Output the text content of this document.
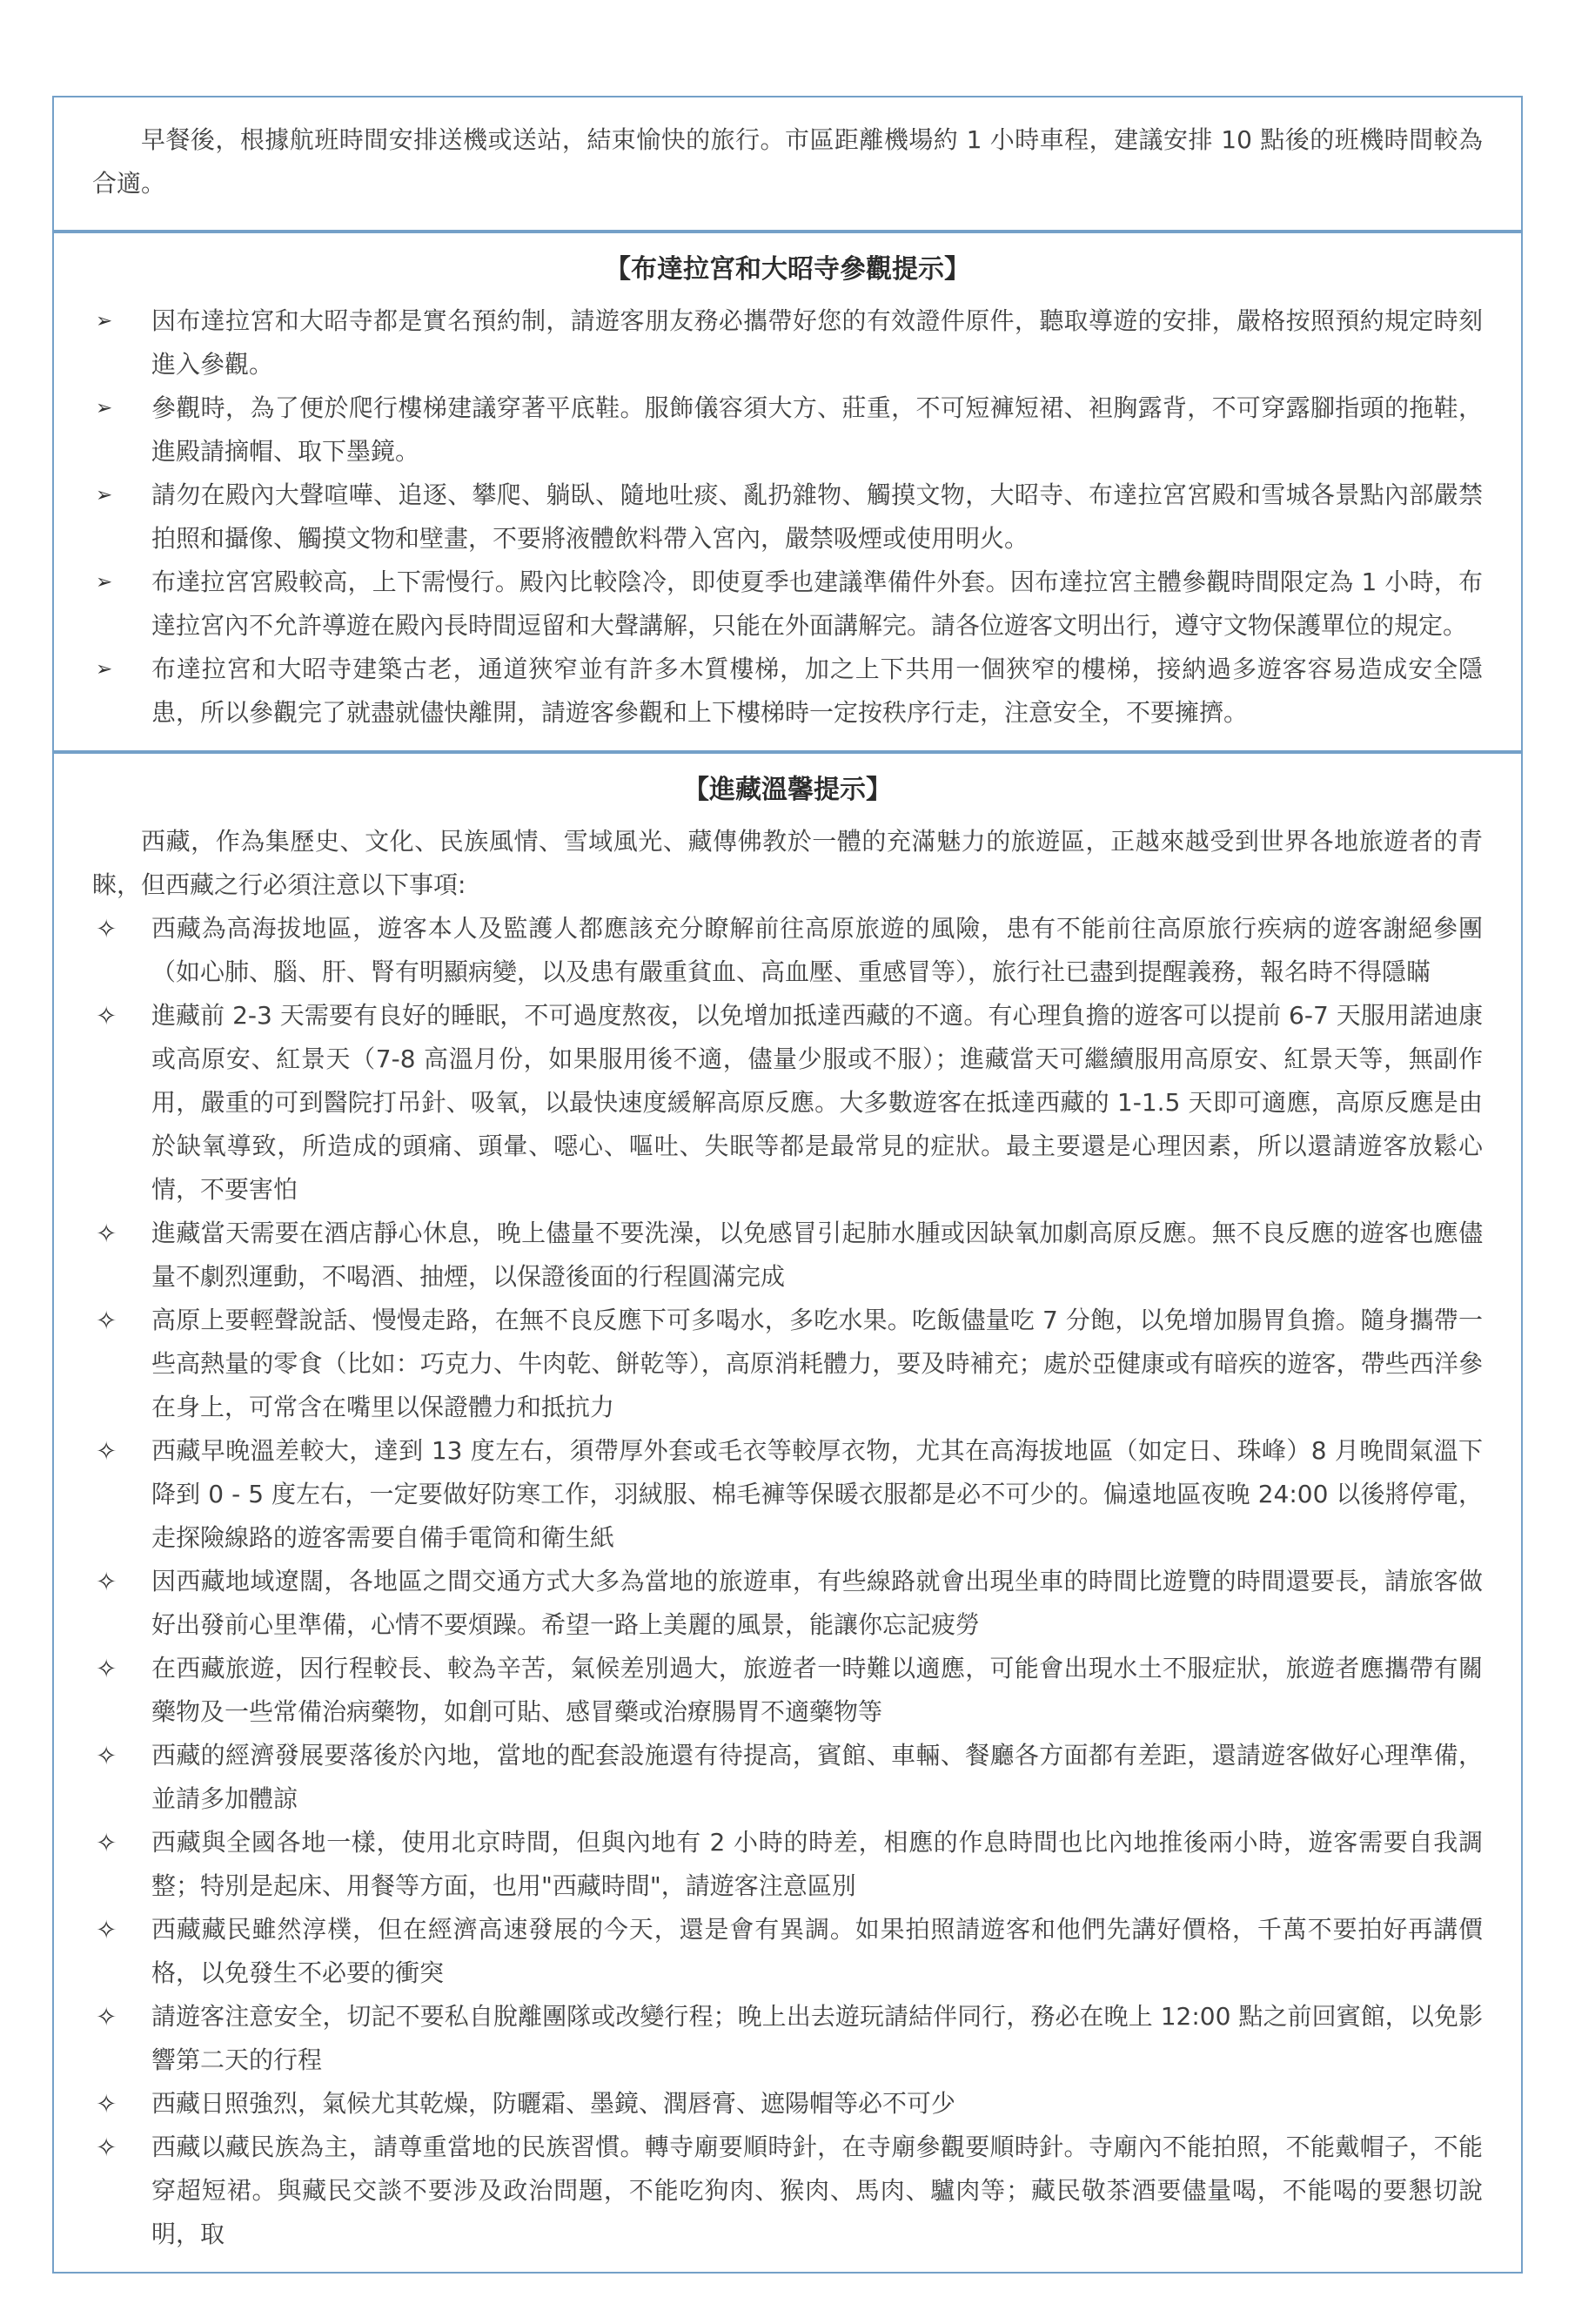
早餐後，根據航班時間安排送機或送站，結束愉快的旅行。市區距離機場約 1 小時車程，建議安排 10 點後的班機時間較為合適。

【布達拉宮和大昭寺參觀提示】

➢	因布達拉宮和大昭寺都是實名預約制，請遊客朋友務必攜帶好您的有效證件原件，聽取導遊的安排，嚴格按照預約規定時刻進入參觀。
➢	參觀時，為了便於爬行樓梯建議穿著平底鞋。服飾儀容須大方、莊重，不可短褲短裙、袒胸露背，不可穿露腳指頭的拖鞋，進殿請摘帽、取下墨鏡。
➢	請勿在殿內大聲喧嘩、追逐、攀爬、躺臥、隨地吐痰、亂扔雜物、觸摸文物，大昭寺、布達拉宮宮殿和雪城各景點內部嚴禁拍照和攝像、觸摸文物和壁畫，不要將液體飲料帶入宮內，嚴禁吸煙或使用明火。
➢	布達拉宮宮殿較高，上下需慢行。殿內比較陰冷，即使夏季也建議準備件外套。因布達拉宮主體參觀時間限定為 1 小時，布達拉宮內不允許導遊在殿內長時間逗留和大聲講解，只能在外面講解完。請各位遊客文明出行，遵守文物保護單位的規定。
➢	布達拉宮和大昭寺建築古老，通道狹窄並有許多木質樓梯，加之上下共用一個狹窄的樓梯，接納過多遊客容易造成安全隱患，所以參觀完了就盡就儘快離開，請遊客參觀和上下樓梯時一定按秩序行走，注意安全，不要擁擠。

【進藏溫馨提示】

西藏，作為集歷史、文化、民族風情、雪域風光、藏傳佛教於一體的充滿魅力的旅遊區，正越來越受到世界各地旅遊者的青睞，但西藏之行必須注意以下事項:

✧	西藏為高海拔地區，遊客本人及監護人都應該充分瞭解前往高原旅遊的風險，患有不能前往高原旅行疾病的遊客謝絕參團（如心肺、腦、肝、腎有明顯病變，以及患有嚴重貧血、高血壓、重感冒等），旅行社已盡到提醒義務，報名時不得隱瞞
✧	進藏前 2-3 天需要有良好的睡眠，不可過度熬夜，以免增加抵達西藏的不適。有心理負擔的遊客可以提前 6-7 天服用諾迪康或高原安、紅景天（7-8 高溫月份，如果服用後不適，儘量少服或不服）；進藏當天可繼續服用高原安、紅景天等，無副作用，嚴重的可到醫院打吊針、吸氧，以最快速度緩解高原反應。大多數遊客在抵達西藏的 1-1.5 天即可適應，高原反應是由於缺氧導致，所造成的頭痛、頭暈、噁心、嘔吐、失眠等都是最常見的症狀。最主要還是心理因素，所以還請遊客放鬆心情，不要害怕
✧	進藏當天需要在酒店靜心休息，晚上儘量不要洗澡，以免感冒引起肺水腫或因缺氧加劇高原反應。無不良反應的遊客也應儘量不劇烈運動，不喝酒、抽煙，以保證後面的行程圓滿完成
✧	高原上要輕聲說話、慢慢走路，在無不良反應下可多喝水，多吃水果。吃飯儘量吃 7 分飽，以免增加腸胃負擔。隨身攜帶一些高熱量的零食（比如：巧克力、牛肉乾、餅乾等），高原消耗體力，要及時補充；處於亞健康或有暗疾的遊客，帶些西洋參在身上，可常含在嘴里以保證體力和抵抗力
✧	西藏早晚溫差較大，達到 13 度左右，須帶厚外套或毛衣等較厚衣物，尤其在高海拔地區（如定日、珠峰）8 月晚間氣溫下降到 0 - 5 度左右，一定要做好防寒工作，羽絨服、棉毛褲等保暖衣服都是必不可少的。偏遠地區夜晚 24:00 以後將停電，走探險線路的遊客需要自備手電筒和衛生紙
✧	因西藏地域遼闊，各地區之間交通方式大多為當地的旅遊車，有些線路就會出現坐車的時間比遊覽的時間還要長，請旅客做好出發前心里準備，心情不要煩躁。希望一路上美麗的風景，能讓你忘記疲勞
✧	在西藏旅遊，因行程較長、較為辛苦，氣候差別過大，旅遊者一時難以適應，可能會出現水土不服症狀，旅遊者應攜帶有關藥物及一些常備治病藥物，如創可貼、感冒藥或治療腸胃不適藥物等
✧	西藏的經濟發展要落後於內地，當地的配套設施還有待提高，賓館、車輛、餐廳各方面都有差距，還請遊客做好心理準備，並請多加體諒
✧	西藏與全國各地一樣，使用北京時間，但與內地有 2 小時的時差，相應的作息時間也比內地推後兩小時，遊客需要自我調整；特別是起床、用餐等方面，也用"西藏時間"，請遊客注意區別
✧	西藏藏民雖然淳樸，但在經濟高速發展的今天，還是會有異調。如果拍照請遊客和他們先講好價格，千萬不要拍好再講價格，以免發生不必要的衝突
✧	請遊客注意安全，切記不要私自脫離團隊或改變行程；晚上出去遊玩請結伴同行，務必在晚上 12:00 點之前回賓館，以免影響第二天的行程
✧	西藏日照強烈，氣候尤其乾燥，防曬霜、墨鏡、潤唇膏、遮陽帽等必不可少
✧	西藏以藏民族為主，請尊重當地的民族習慣。轉寺廟要順時針，在寺廟參觀要順時針。寺廟內不能拍照，不能戴帽子，不能穿超短裙。與藏民交談不要涉及政治問題，不能吃狗肉、猴肉、馬肉、驢肉等；藏民敬茶酒要儘量喝，不能喝的要懇切說明，取
